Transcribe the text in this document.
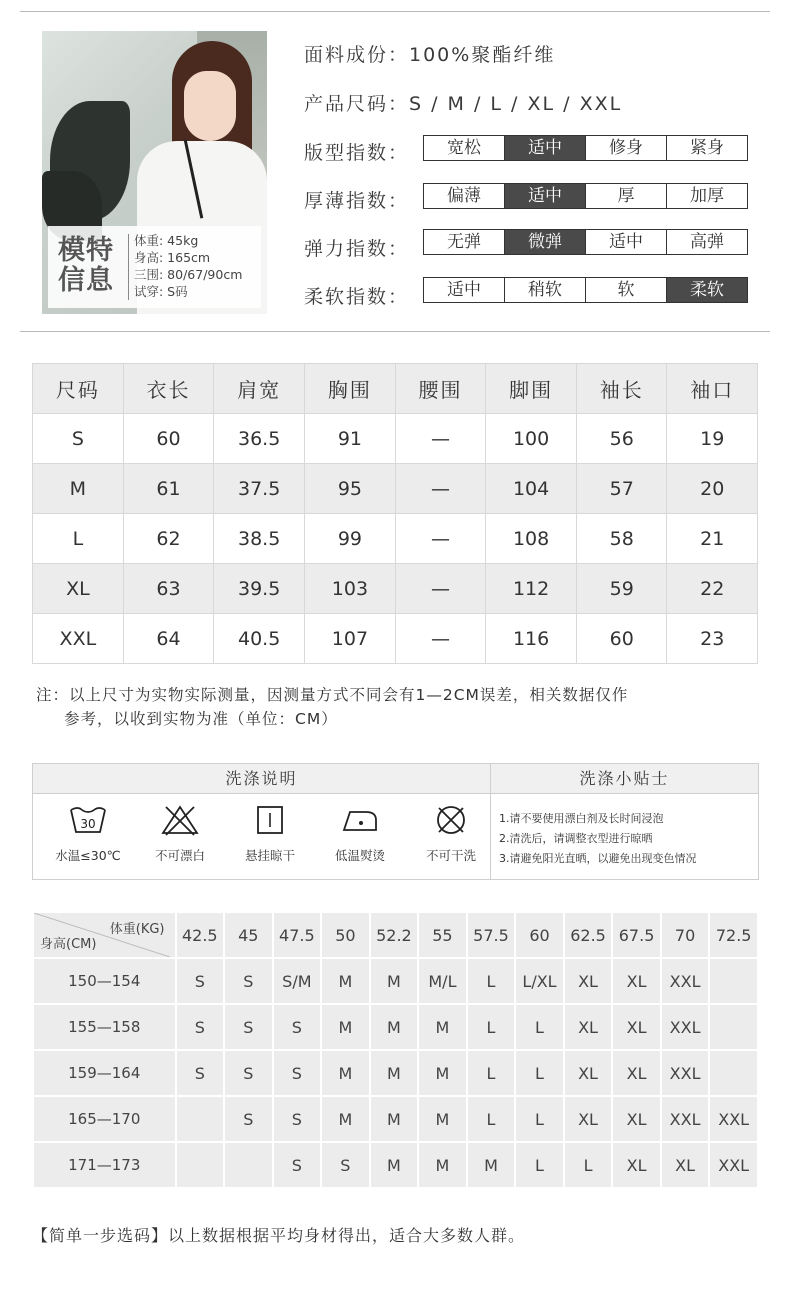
模特信息
体重: 45kg
身高: 165cm
三围: 80/67/90cm
试穿: S码
面料成份：100%聚酯纤维
产品尺码：S / M / L / XL / XXL
版型指数：	宽松	适中	修身	紧身
厚薄指数：	偏薄	适中	厚	加厚
弹力指数：	无弹	微弹	适中	高弹
柔软指数：	适中	稍软	软	柔软
尺码	衣长	肩宽	胸围	腰围	脚围	袖长	袖口
S	60	36.5	91	—	100	56	19
M	61	37.5	95	—	104	57	20
L	62	38.5	99	—	108	58	21
XL	63	39.5	103	—	112	59	22
XXL	64	40.5	107	—	116	60	23
注：以上尺寸为实物实际测量，因测量方式不同会有1—2CM误差，相关数据仅作
参考，以收到实物为准（单位：CM）
洗涤说明	洗涤小贴士
30
水温≤30℃	不可漂白	悬挂晾干	低温熨烫	不可干洗
1.请不要使用漂白剂及长时间浸泡
2.清洗后，请调整衣型进行晾晒
3.请避免阳光直晒，以避免出现变色情况
体重(KG)
身高(CM)	42.5	45	47.5	50	52.2	55	57.5	60	62.5	67.5	70	72.5
150—154	S	S	S/M	M	M	M/L	L	L/XL	XL	XL	XXL	
155—158	S	S	S	M	M	M	L	L	XL	XL	XXL	
159—164	S	S	S	M	M	M	L	L	XL	XL	XXL	
165—170		S	S	M	M	M	L	L	XL	XL	XXL	XXL
171—173			S	S	M	M	M	L	L	XL	XL	XXL
【简单一步选码】以上数据根据平均身材得出，适合大多数人群。
